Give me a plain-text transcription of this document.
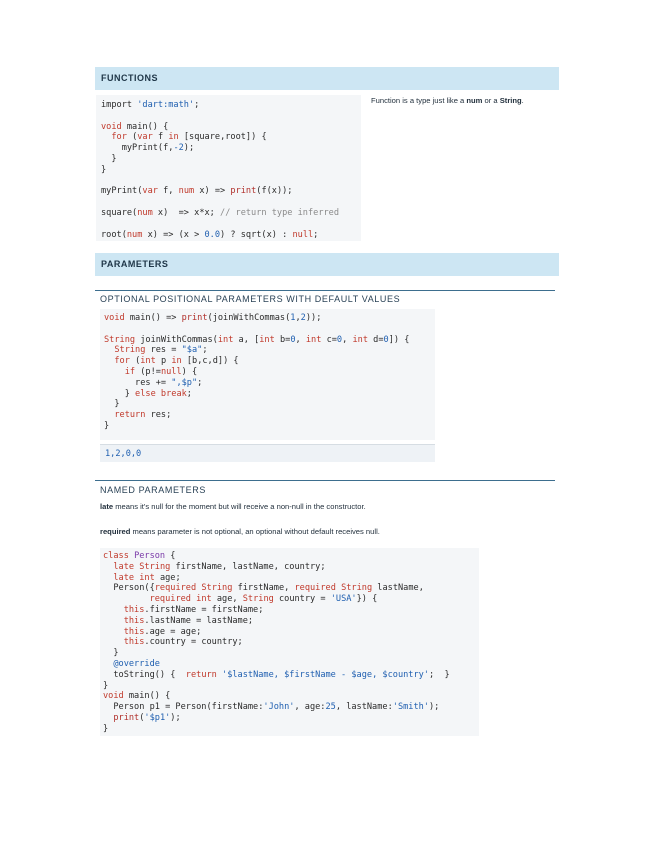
FUNCTIONS
import 'dart:math';

void main() {
for (var f in [square,root]) {
myPrint(f,-2);
}
}

myPrint(var f, num x) => print(f(x));

square(num x)  => x*x; // return type inferred

root(num x) => (x > 0.0) ? sqrt(x) : null;
Function is a type just like a num or a String.
PARAMETERS
OPTIONAL POSITIONAL PARAMETERS WITH DEFAULT VALUES
void main() => print(joinWithCommas(1,2));

String joinWithCommas(int a, [int b=0, int c=0, int d=0]) {
String res = "$a";
for (int p in [b,c,d]) {
if (p!=null) {
res += ",$p";
} else break;
}
return res;
}
1,2,0,0
NAMED PARAMETERS
late means it's null for the moment but will receive a non-null in the constructor.
required means parameter is not optional, an optional without default receives null.
class Person {
late String firstName, lastName, country;
late int age;
Person({required String firstName, required String lastName,
required int age, String country = 'USA'}) {
this.firstName = firstName;
this.lastName = lastName;
this.age = age;
this.country = country;
}
@override
toString() {  return '$lastName, $firstName - $age, $country';  }
}
void main() {
Person p1 = Person(firstName:'John', age:25, lastName:'Smith');
print('$p1');
}
